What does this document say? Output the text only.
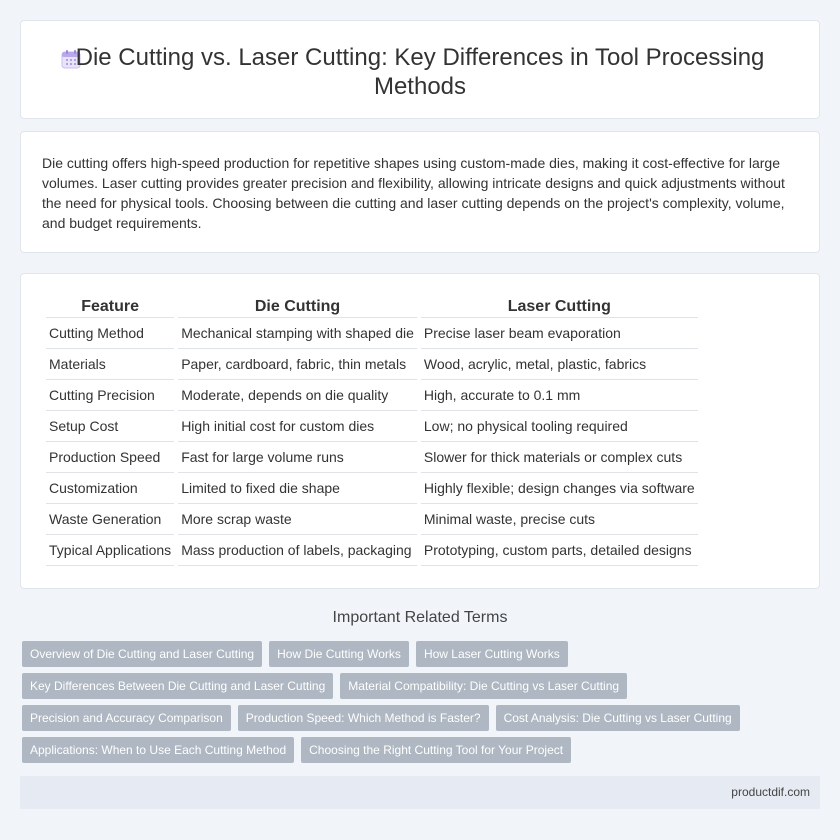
Die Cutting vs. Laser Cutting: Key Differences in Tool Processing Methods

Die cutting offers high-speed production for repetitive shapes using custom-made dies, making it cost-effective for large volumes. Laser cutting provides greater precision and flexibility, allowing intricate designs and quick adjustments without the need for physical tools. Choosing between die cutting and laser cutting depends on the project's complexity, volume, and budget requirements.

Feature	Die Cutting	Laser Cutting
Cutting Method	Mechanical stamping with shaped die	Precise laser beam evaporation
Materials	Paper, cardboard, fabric, thin metals	Wood, acrylic, metal, plastic, fabrics
Cutting Precision	Moderate, depends on die quality	High, accurate to 0.1 mm
Setup Cost	High initial cost for custom dies	Low; no physical tooling required
Production Speed	Fast for large volume runs	Slower for thick materials or complex cuts
Customization	Limited to fixed die shape	Highly flexible; design changes via software
Waste Generation	More scrap waste	Minimal waste, precise cuts
Typical Applications	Mass production of labels, packaging	Prototyping, custom parts, detailed designs
Important Related Terms
Overview of Die Cutting and Laser Cutting	How Die Cutting Works	How Laser Cutting Works
Key Differences Between Die Cutting and Laser Cutting	Material Compatibility: Die Cutting vs Laser Cutting
Precision and Accuracy Comparison	Production Speed: Which Method is Faster?	Cost Analysis: Die Cutting vs Laser Cutting
Applications: When to Use Each Cutting Method	Choosing the Right Cutting Tool for Your Project
productdif.com
